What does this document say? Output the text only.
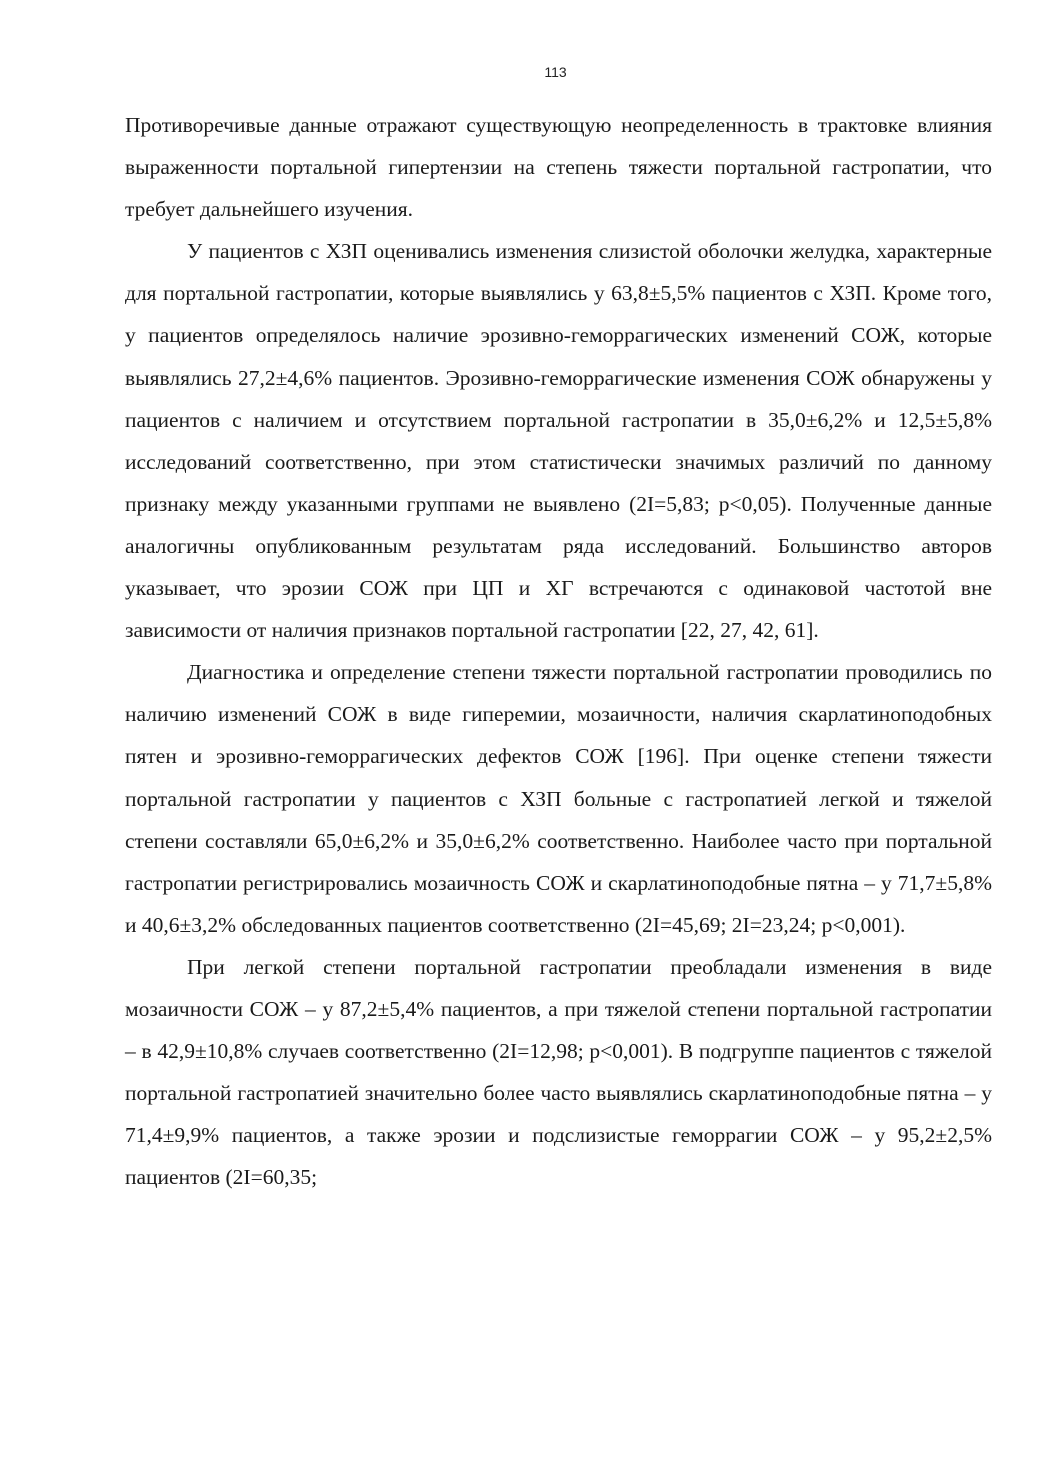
113

Противоречивые данные отражают существующую неопределенность в трактовке влияния выраженности портальной гипертензии на степень тяжести портальной гастропатии, что требует дальнейшего изучения.

У пациентов с ХЗП оценивались изменения слизистой оболочки желудка, характерные для портальной гастропатии, которые выявлялись у 63,8±5,5% пациентов с ХЗП. Кроме того, у пациентов определялось наличие эрозивно-геморрагических изменений СОЖ, которые выявлялись 27,2±4,6% пациентов. Эрозивно-геморрагические изменения СОЖ обнаружены у пациентов с наличием и отсутствием портальной гастропатии в 35,0±6,2% и 12,5±5,8% исследований соответственно, при этом статистически значимых различий по данному признаку между указанными группами не выявлено (2I=5,83; p<0,05). Полученные данные аналогичны опубликованным результатам ряда исследований. Большинство авторов указывает, что эрозии СОЖ при ЦП и ХГ встречаются с одинаковой частотой вне зависимости от наличия признаков портальной гастропатии [22, 27, 42, 61].

Диагностика и определение степени тяжести портальной гастропатии проводились по наличию изменений СОЖ в виде гиперемии, мозаичности, наличия скарлатиноподобных пятен и эрозивно-геморрагических дефектов СОЖ [196]. При оценке степени тяжести портальной гастропатии у пациентов с ХЗП больные с гастропатией легкой и тяжелой степени составляли 65,0±6,2% и 35,0±6,2% соответственно. Наиболее часто при портальной гастропатии регистрировались мозаичность СОЖ и скарлатиноподобные пятна – у 71,7±5,8% и 40,6±3,2% обследованных пациентов соответственно (2I=45,69; 2I=23,24; p<0,001).

При легкой степени портальной гастропатии преобладали изменения в виде мозаичности СОЖ – у 87,2±5,4% пациентов, а при тяжелой степени портальной гастропатии – в 42,9±10,8% случаев соответственно (2I=12,98; p<0,001). В подгруппе пациентов с тяжелой портальной гастропатией значительно более часто выявлялись скарлатиноподобные пятна – у 71,4±9,9% пациентов, а также эрозии и подслизистые геморрагии СОЖ – у 95,2±2,5% пациентов (2I=60,35;
